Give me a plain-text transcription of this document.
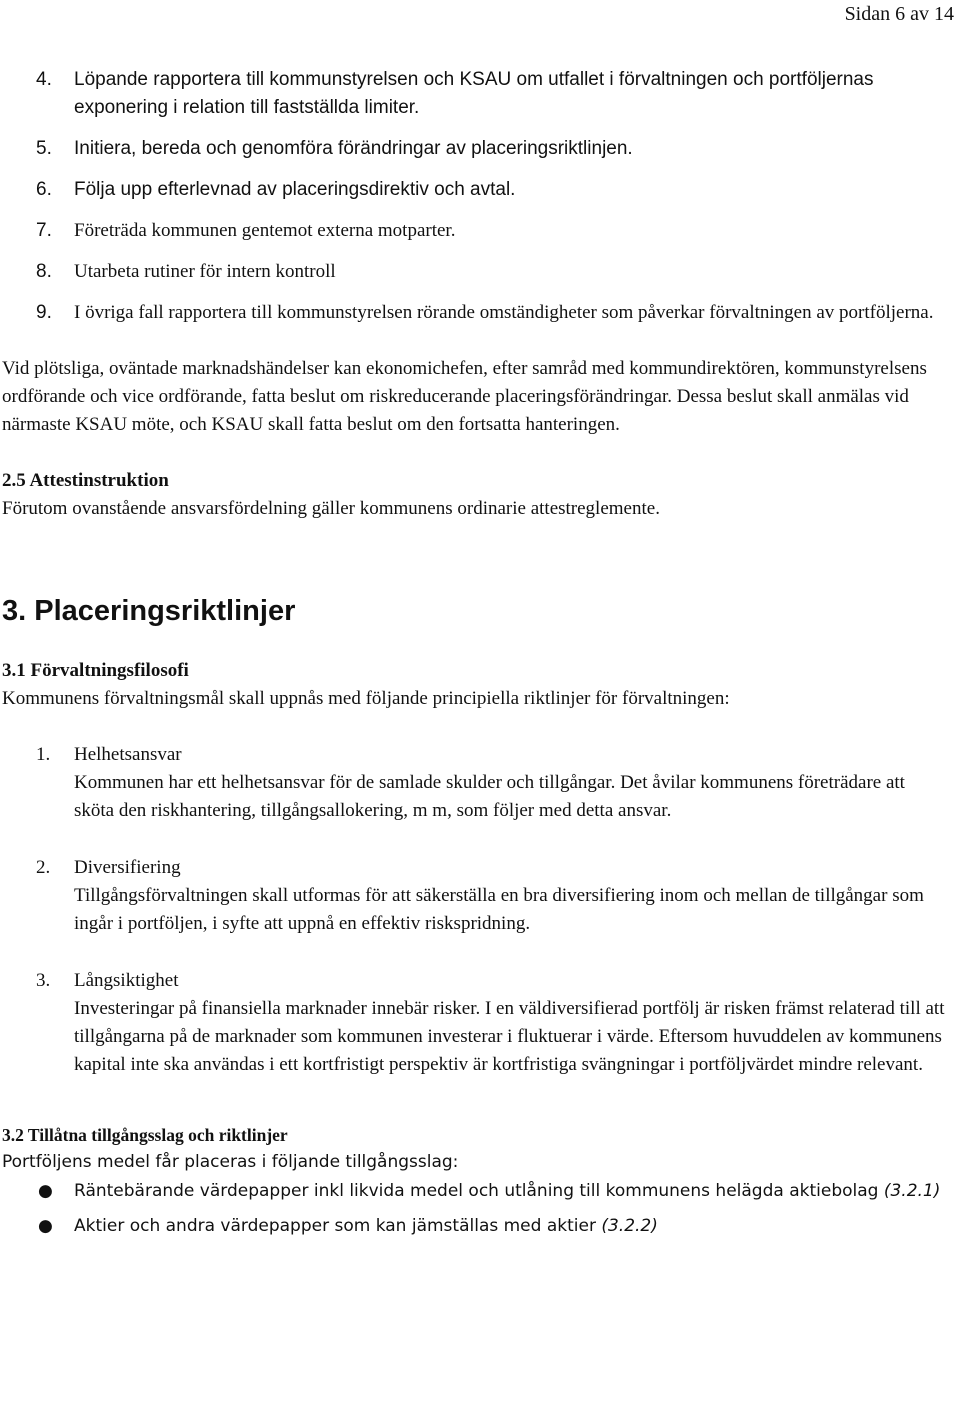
Sidan 6 av 14
4. Löpande rapportera till kommunstyrelsen och KSAU om utfallet i förvaltningen och portföljernas exponering i relation till fastställda limiter.
5. Initiera, bereda och genomföra förändringar av placeringsriktlinjen.
6. Följa upp efterlevnad av placeringsdirektiv och avtal.
7. Företräda kommunen gentemot externa motparter.
8. Utarbeta rutiner för intern kontroll
9. I övriga fall rapportera till kommunstyrelsen rörande omständigheter som påverkar förvaltningen av portföljerna.

Vid plötsliga, oväntade marknadshändelser kan ekonomichefen, efter samråd med kommundirektören, kommunstyrelsens ordförande och vice ordförande, fatta beslut om riskreducerande placeringsförändringar. Dessa beslut skall anmälas vid närmaste KSAU möte, och KSAU skall fatta beslut om den fortsatta hanteringen.

2.5 Attestinstruktion

Förutom ovanstående ansvarsfördelning gäller kommunens ordinarie attestreglemente.

3. Placeringsriktlinjer
3.1 Förvaltningsfilosofi

Kommunens förvaltningsmål skall uppnås med följande principiella riktlinjer för förvaltningen:

1. Helhetsansvar
Kommunen har ett helhetsansvar för de samlade skulder och tillgångar. Det åvilar kommunens företrädare att sköta den riskhantering, tillgångsallokering, m m, som följer med detta ansvar.
2. Diversifiering
Tillgångsförvaltningen skall utformas för att säkerställa en bra diversifiering inom och mellan de tillgångar som ingår i portföljen, i syfte att uppnå en effektiv riskspridning.
3. Långsiktighet
Investeringar på finansiella marknader innebär risker. I en väldiversifierad portfölj är risken främst relaterad till att tillgångarna på de marknader som kommunen investerar i fluktuerar i värde. Eftersom huvuddelen av kommunens kapital inte ska användas i ett kortfristigt perspektiv är kortfristiga svängningar i portföljvärdet mindre relevant.
3.2 Tillåtna tillgångsslag och riktlinjer

Portföljens medel får placeras i följande tillgångsslag:

● Räntebärande värdepapper inkl likvida medel och utlåning till kommunens helägda aktiebolag (3.2.1)
● Aktier och andra värdepapper som kan jämställas med aktier (3.2.2)
